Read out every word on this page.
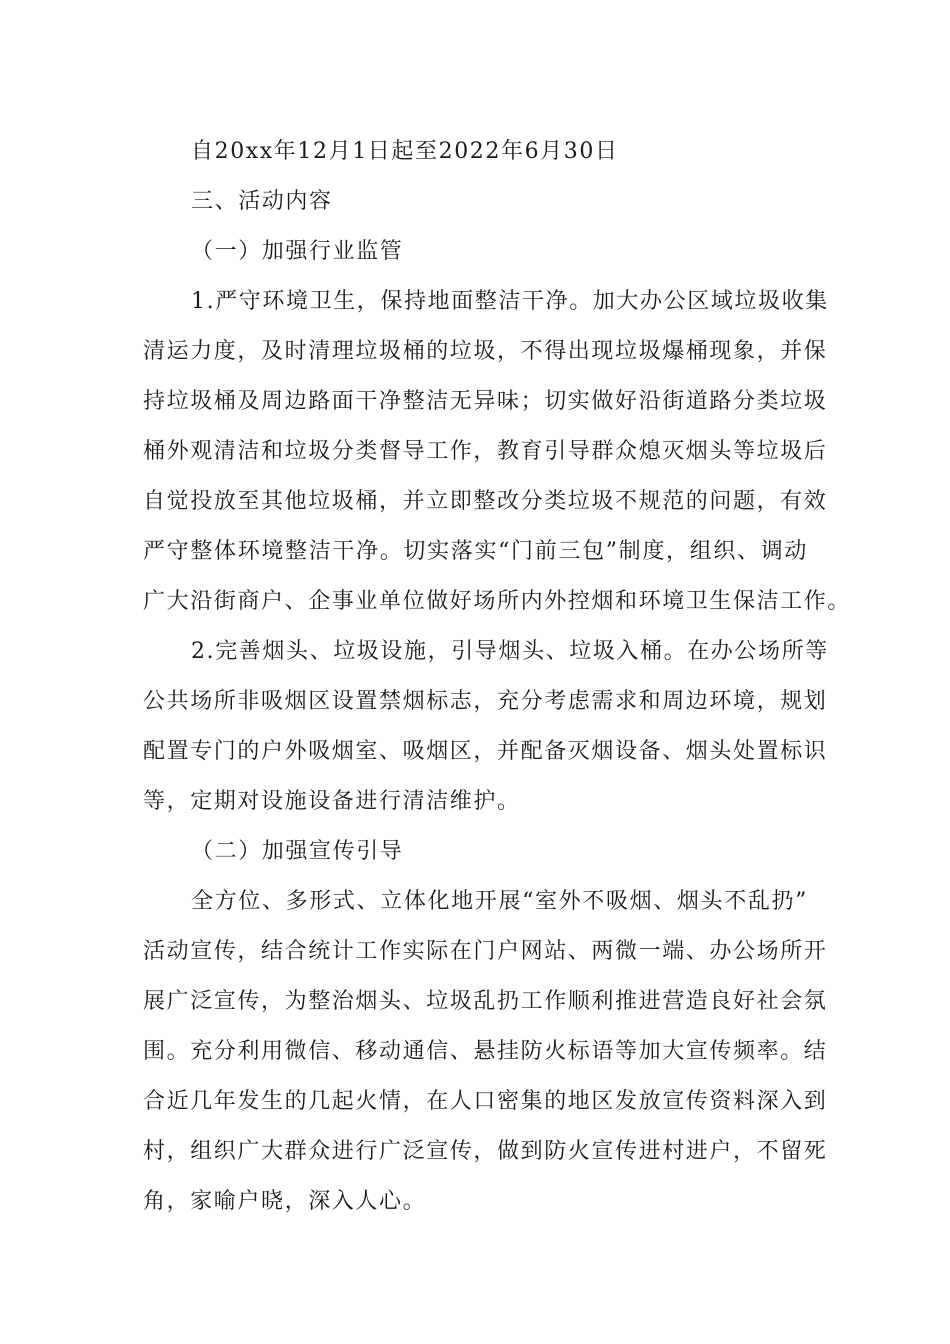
自20xx年12月1日起至2022年6月30日
三、活动内容
（一）加强行业监管
1.严守环境卫生，保持地面整洁干净。加大办公区域垃圾收集
清运力度，及时清理垃圾桶的垃圾，不得出现垃圾爆桶现象，并保
持垃圾桶及周边路面干净整洁无异味；切实做好沿街道路分类垃圾
桶外观清洁和垃圾分类督导工作，教育引导群众熄灭烟头等垃圾后
自觉投放至其他垃圾桶，并立即整改分类垃圾不规范的问题，有效
严守整体环境整洁干净。切实落实“门前三包”制度，组织、调动
广大沿街商户、企事业单位做好场所内外控烟和环境卫生保洁工作。
2.完善烟头、垃圾设施，引导烟头、垃圾入桶。在办公场所等
公共场所非吸烟区设置禁烟标志，充分考虑需求和周边环境，规划
配置专门的户外吸烟室、吸烟区，并配备灭烟设备、烟头处置标识
等，定期对设施设备进行清洁维护。
（二）加强宣传引导
全方位、多形式、立体化地开展“室外不吸烟、烟头不乱扔”
活动宣传，结合统计工作实际在门户网站、两微一端、办公场所开
展广泛宣传，为整治烟头、垃圾乱扔工作顺利推进营造良好社会氛
围。充分利用微信、移动通信、悬挂防火标语等加大宣传频率。结
合近几年发生的几起火情，在人口密集的地区发放宣传资料深入到
村，组织广大群众进行广泛宣传，做到防火宣传进村进户，不留死
角，家喻户晓，深入人心。
